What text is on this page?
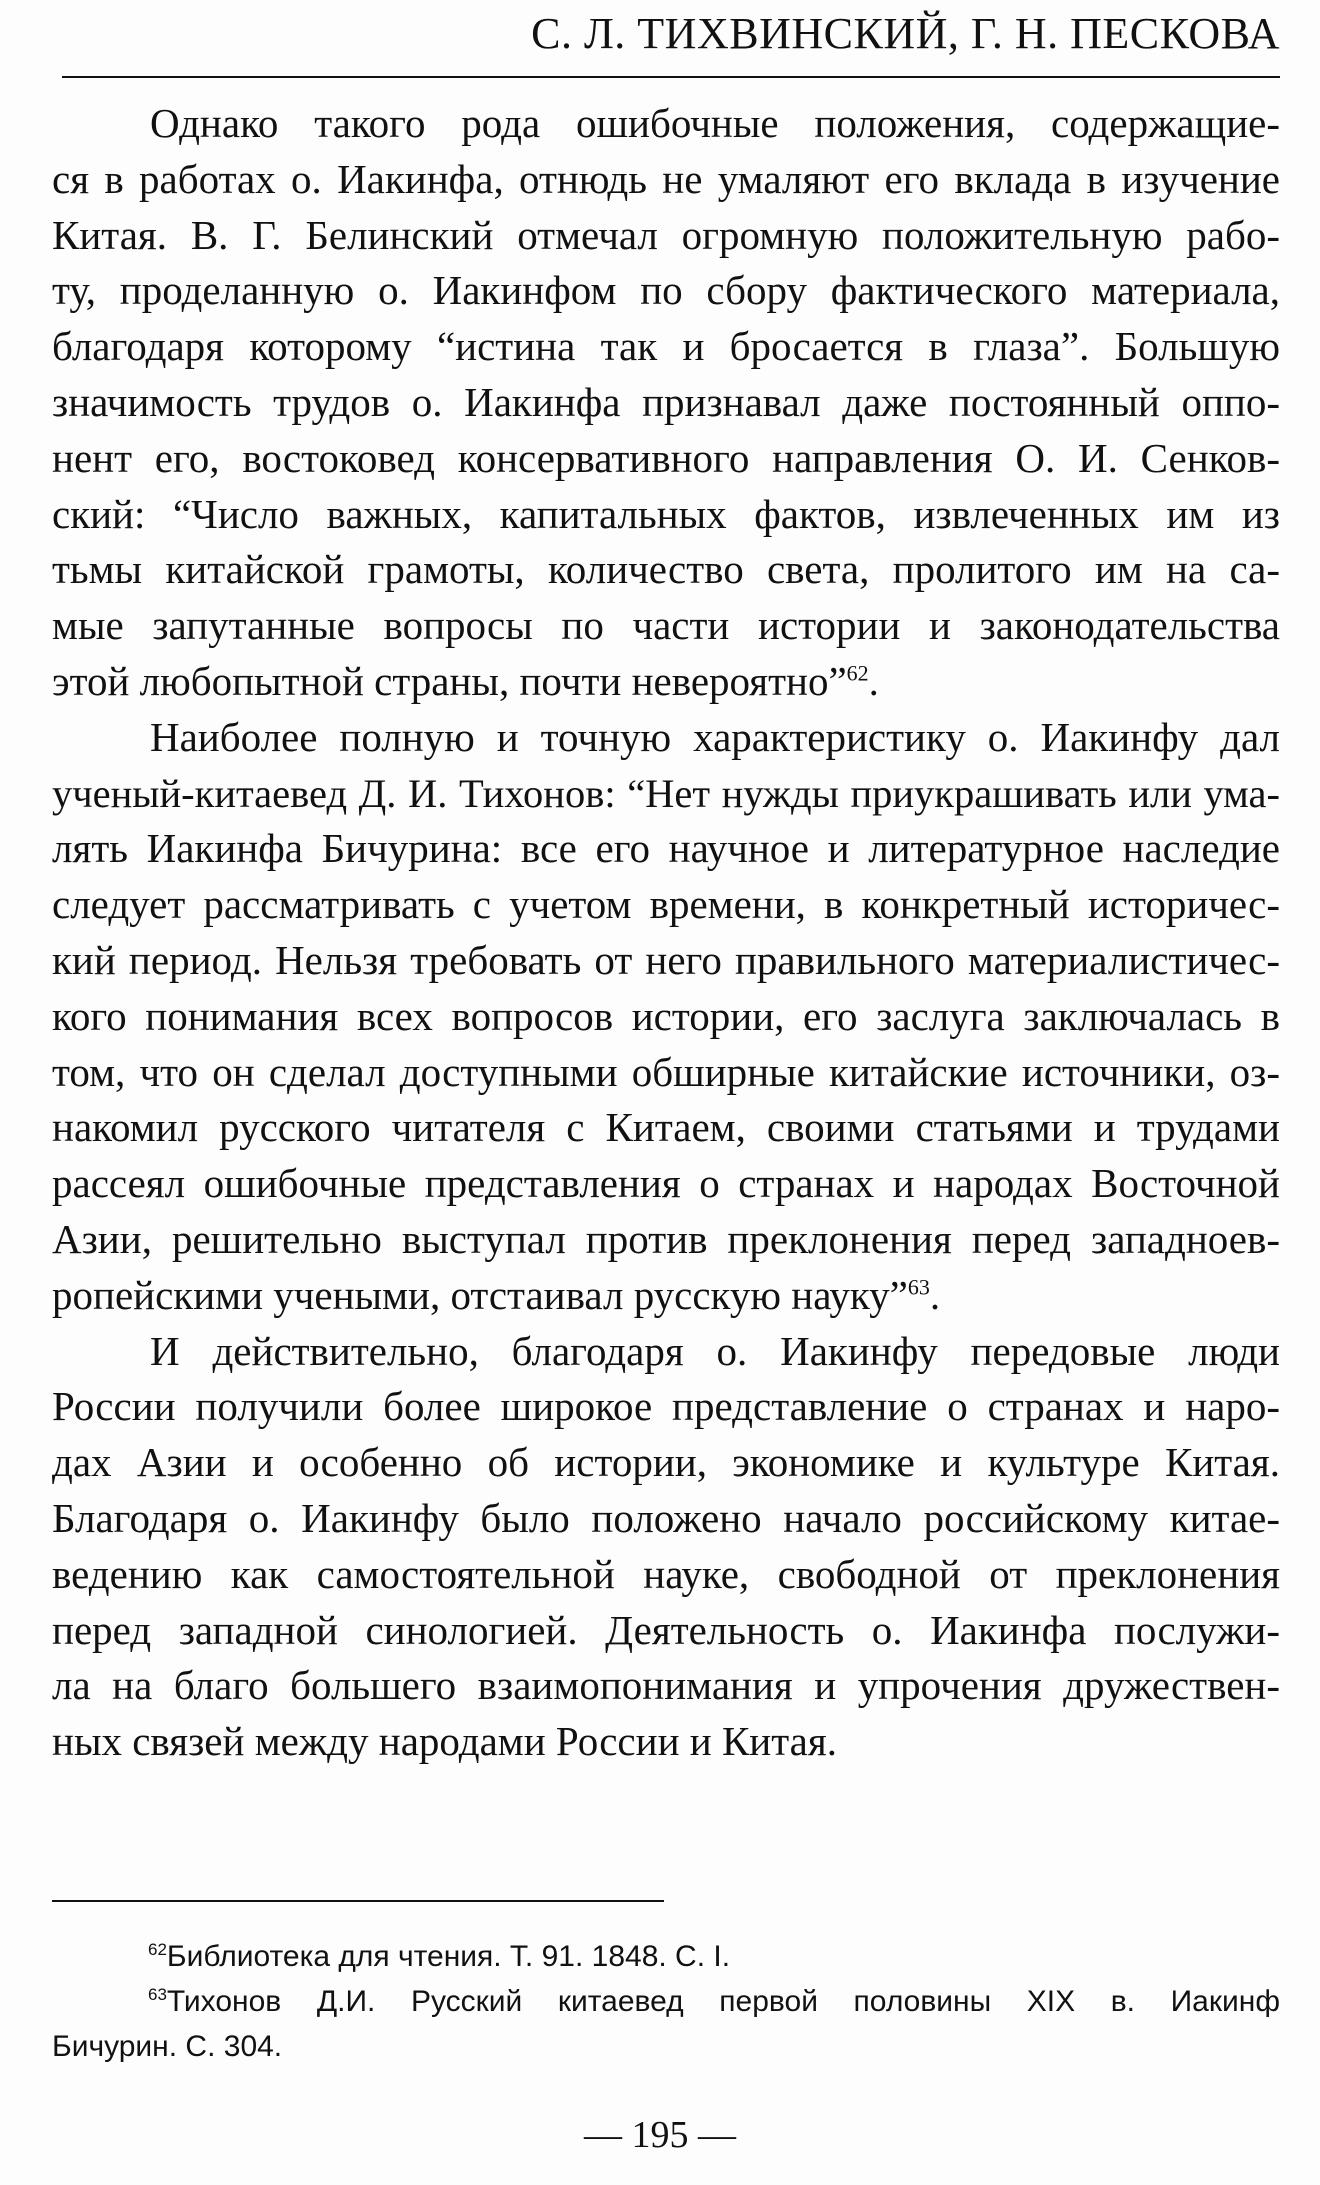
С. Л. ТИХВИНСКИЙ, Г. Н. ПЕСКОВА
Однако такого рода ошибочные положения, содержащие-
ся в работах о. Иакинфа, отнюдь не умаляют его вклада в изучение
Китая. В. Г. Белинский отмечал огромную положительную рабо-
ту, проделанную о. Иакинфом по сбору фактического материала,
благодаря которому “истина так и бросается в глаза”. Большую
значимость трудов о. Иакинфа признавал даже постоянный оппо-
нент его, востоковед консервативного направления О. И. Сенков-
ский: “Число важных, капитальных фактов, извлеченных им из
тьмы китайской грамоты, количество света, пролитого им на са-
мые запутанные вопросы по части истории и законодательства
этой любопытной страны, почти невероятно”$^{62}$.
Наиболее полную и точную характеристику о. Иакинфу дал
ученый-китаевед Д. И. Тихонов: “Нет нужды приукрашивать или ума-
лять Иакинфа Бичурина: все его научное и литературное наследие
следует рассматривать с учетом времени, в конкретный историчес-
кий период. Нельзя требовать от него правильного материалистичес-
кого понимания всех вопросов истории, его заслуга заключалась в
том, что он сделал доступными обширные китайские источники, оз-
накомил русского читателя с Китаем, своими статьями и трудами
рассеял ошибочные представления о странах и народах Восточной
Азии, решительно выступал против преклонения перед западноев-
ропейскими учеными, отстаивал русскую науку”$^{63}$.
И действительно, благодаря о. Иакинфу передовые люди
России получили более широкое представление о странах и наро-
дах Азии и особенно об истории, экономике и культуре Китая.
Благодаря о. Иакинфу было положено начало российскому китае-
ведению как самостоятельной науке, свободной от преклонения
перед западной синологией. Деятельность о. Иакинфа послужи-
ла на благо большего взаимопонимания и упрочения дружествен-
ных связей между народами России и Китая.
$^{62}$Библиотека для чтения. Т. 91. 1848. С. I.
$^{63}$Тихонов Д.И. Русский китаевед первой половины XIX в. Иакинф
Бичурин. С. 304.
— 195 —
